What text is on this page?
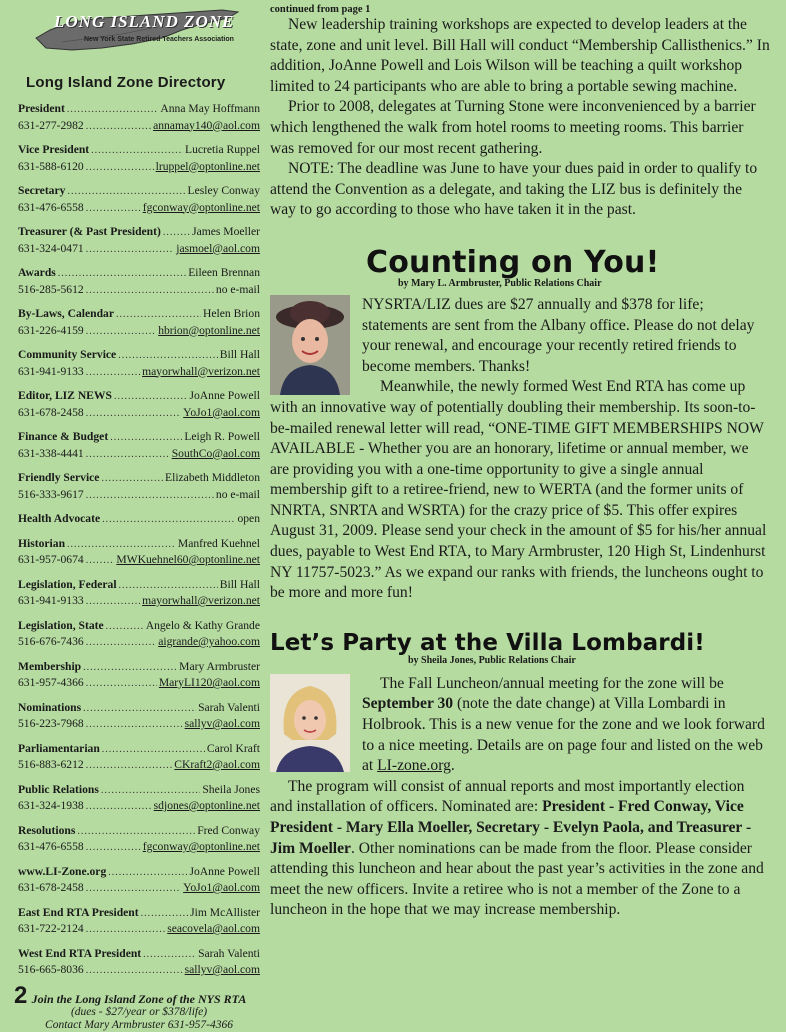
LONG ISLAND ZONE
New York State Retired Teachers Association
Long Island Zone Directory
President .....	Anna May Hoffmann
631-277-2982 .....	annamay140@aol.com
Vice President .....	Lucretia Ruppel
631-588-6120 .....	lruppel@optonline.net
Secretary .....	Lesley Conway
631-476-6558 .....	fgconway@optonline.net
Treasurer (& Past President) .....	James Moeller
631-324-0471 .....	jasmoel@aol.com
Awards .....	Eileen Brennan
516-285-5612 .....	no e-mail
By-Laws, Calendar .....	Helen Brion
631-226-4159 .....	hbrion@optonline.net
Community Service .....	Bill Hall
631-941-9133 .....	mayorwhall@verizon.net
Editor, LIZ NEWS .....	JoAnne Powell
631-678-2458 .....	YoJo1@aol.com
Finance & Budget .....	Leigh R. Powell
631-338-4441 .....	SouthCo@aol.com
Friendly Service .....	Elizabeth Middleton
516-333-9617 .....	no e-mail
Health Advocate .....	open
Historian .....	Manfred Kuehnel
631-957-0674 .....	MWKuehnel60@optonline.net
Legislation, Federal .....	Bill Hall
631-941-9133 .....	mayorwhall@verizon.net
Legislation, State .....	Angelo & Kathy Grande
516-676-7436 .....	aigrande@yahoo.com
Membership .....	Mary Armbruster
631-957-4366 .....	MaryLI120@aol.com
Nominations .....	Sarah Valenti
516-223-7968 .....	sallyv@aol.com
Parliamentarian .....	Carol Kraft
516-883-6212 .....	CKraft2@aol.com
Public Relations .....	Sheila Jones
631-324-1938 .....	sdjones@optonline.net
Resolutions .....	Fred Conway
631-476-6558 .....	fgconway@optonline.net
www.LI-Zone.org .....	JoAnne Powell
631-678-2458 .....	YoJo1@aol.com
East End RTA President .....	Jim McAllister
631-722-2124 .....	seacovela@aol.com
West End RTA President .....	Sarah Valenti
516-665-8036 .....	sallyv@aol.com
Join the Long Island Zone of the NYS RTA
(dues - $27/year or $378/life)
Contact Mary Armbruster 631-957-4366
2
continued from page 1

New leadership training workshops are expected to develop leaders at the state, zone and unit level. Bill Hall will conduct “Membership Callisthenics.” In addition, JoAnne Powell and Lois Wilson will be teaching a quilt workshop limited to 24 participants who are able to bring a portable sewing machine.

Prior to 2008, delegates at Turning Stone were inconvenienced by a barrier which lengthened the walk from hotel rooms to meeting rooms. This barrier was removed for our most recent gathering.

NOTE: The deadline was June to have your dues paid in order to qualify to attend the Convention as a delegate, and taking the LIZ bus is definitely the way to go according to those who have taken it in the past.

Counting on You!
by Mary L. Armbruster, Public Relations Chair

NYSRTA/LIZ dues are $27 annually and $378 for life; statements are sent from the Albany office. Please do not delay your renewal, and encourage your recently retired friends to become members. Thanks!

Meanwhile, the newly formed West End RTA has come up with an innovative way of potentially doubling their membership. Its soon-to-be-mailed renewal letter will read, “ONE-TIME GIFT MEMBERSHIPS NOW AVAILABLE - Whether you are an honorary, lifetime or annual member, we are providing you with a one-time opportunity to give a single annual membership gift to a retiree-friend, new to WERTA (and the former units of NNRTA, SNRTA and WSRTA) for the crazy price of $5. This offer expires August 31, 2009. Please send your check in the amount of $5 for his/her annual dues, payable to West End RTA, to Mary Armbruster, 120 High St, Lindenhurst NY 11757-5023.” As we expand our ranks with friends, the luncheons ought to be more and more fun!

Let’s Party at the Villa Lombardi!
by Sheila Jones, Public Relations Chair

The Fall Luncheon/annual meeting for the zone will be September 30 (note the date change) at Villa Lombardi in Holbrook. This is a new venue for the zone and we look forward to a nice meeting. Details are on page four and listed on the web at LI-zone.org.

The program will consist of annual reports and most importantly election and installation of officers. Nominated are: President - Fred Conway, Vice President - Mary Ella Moeller, Secretary - Evelyn Paola, and Treasurer - Jim Moeller. Other nominations can be made from the floor. Please consider attending this luncheon and hear about the past year’s activities in the zone and meet the new officers. Invite a retiree who is not a member of the Zone to a luncheon in the hope that we may increase membership.
